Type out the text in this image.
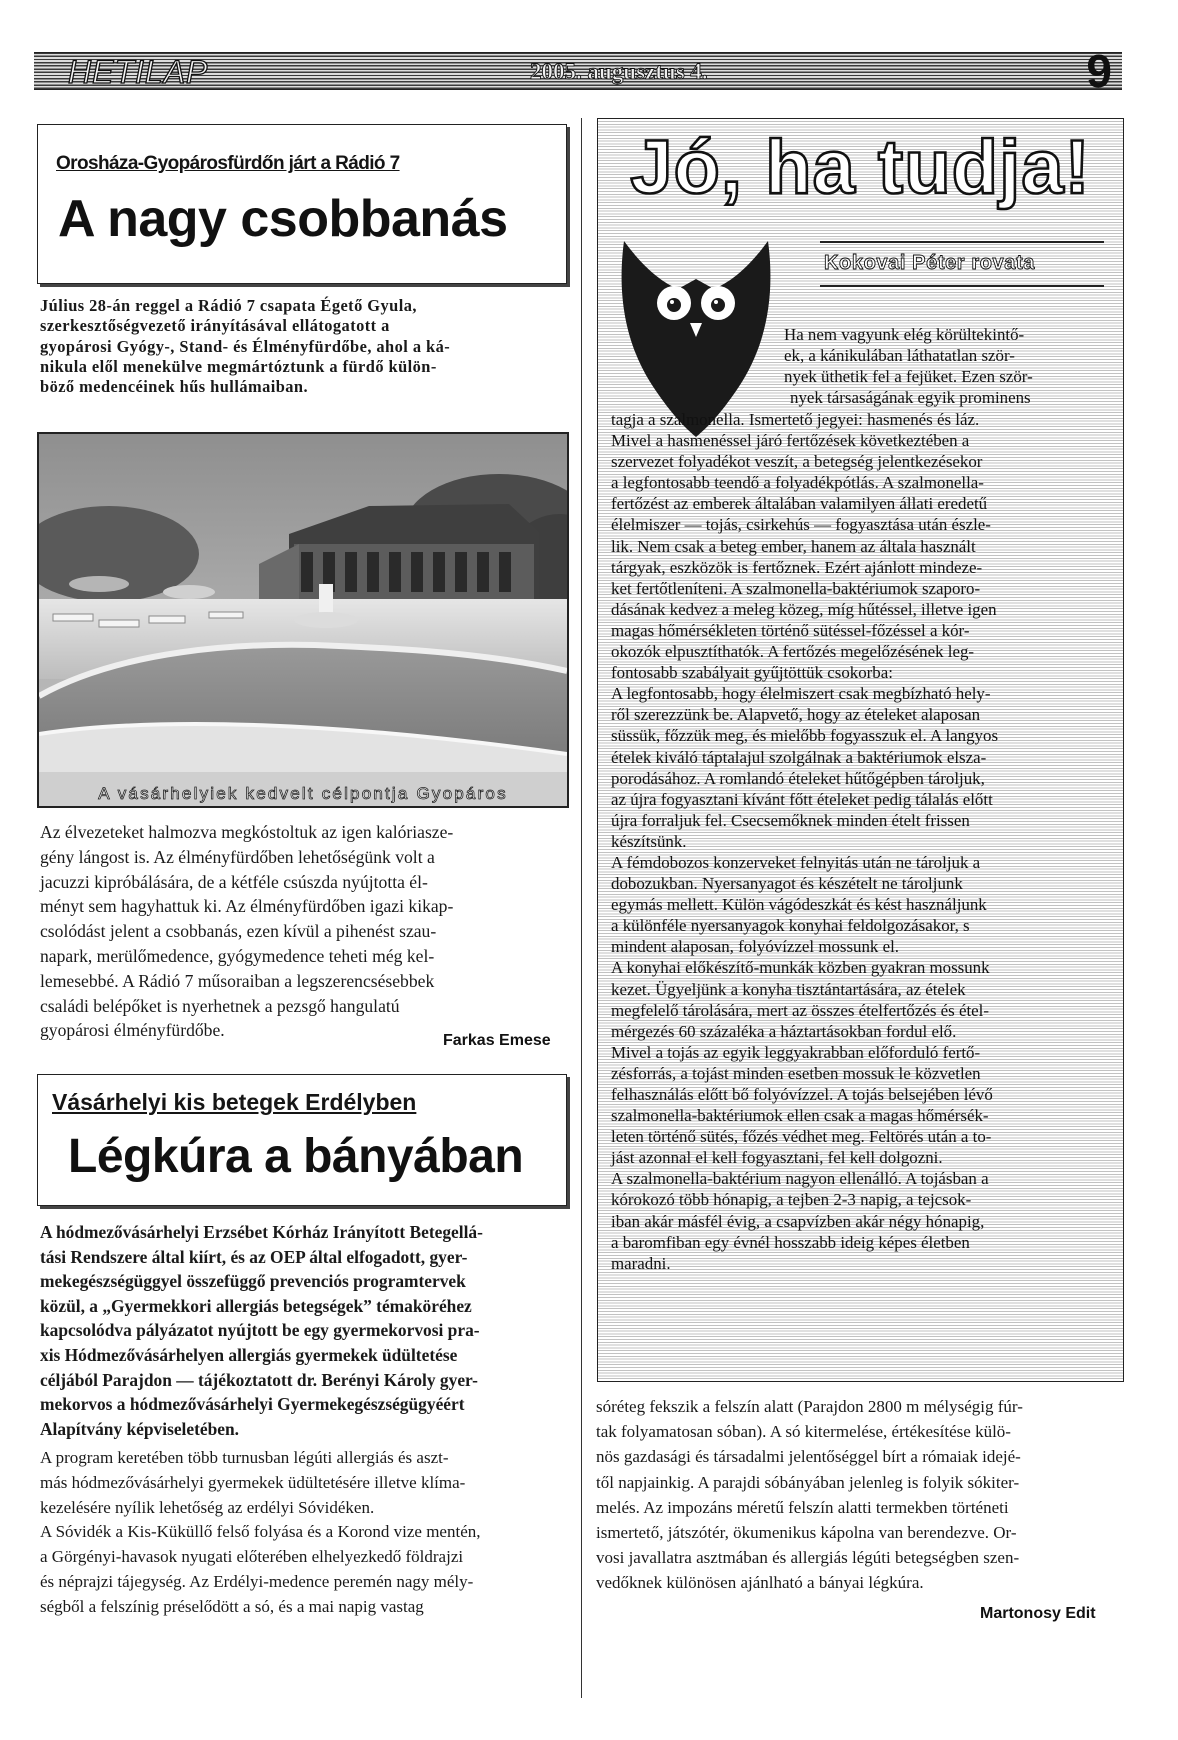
HETILAP	2005. augusztus 4.	9
Orosháza-Gyopárosfürdőn járt a Rádió 7
A nagy csobbanás
Július 28-án reggel a Rádió 7 csapata Égető Gyula,
szerkesztőségvezető irányításával ellátogatott a
gyopárosi Gyógy-, Stand- és Élményfürdőbe, ahol a ká-
nikula elől menekülve megmártóztunk a fürdő külön-
böző medencéinek hűs hullámaiban.
A vásárhelyiek kedvelt célpontja Gyopáros
Az élvezeteket halmozva megkóstoltuk az igen kalóriasze-
gény lángost is. Az élményfürdőben lehetőségünk volt a
jacuzzi kipróbálására, de a kétféle csúszda nyújtotta él-
ményt sem hagyhattuk ki. Az élményfürdőben igazi kikap-
csolódást jelent a csobbanás, ezen kívül a pihenést szau-
napark, merülőmedence, gyógymedence teheti még kel-
lemesebbé. A Rádió 7 műsoraiban a legszerencsésebbek
családi belépőket is nyerhetnek a pezsgő hangulatú
gyopárosi élményfürdőbe.
Farkas Emese
Vásárhelyi kis betegek Erdélyben
Légkúra a bányában
A hódmezővásárhelyi Erzsébet Kórház Irányított Betegellá-
tási Rendszere által kiírt, és az OEP által elfogadott, gyer-
mekegészségüggyel összefüggő prevenciós programtervek
közül, a „Gyermekkori allergiás betegségek” témaköréhez
kapcsolódva pályázatot nyújtott be egy gyermekorvosi pra-
xis Hódmezővásárhelyen allergiás gyermekek üdültetése
céljából Parajdon — tájékoztatott dr. Berényi Károly gyer-
mekorvos a hódmezővásárhelyi Gyermekegészségügyéért
Alapítvány képviseletében.
A program keretében több turnusban légúti allergiás és aszt-
más hódmezővásárhelyi gyermekek üdültetésére illetve klíma-
kezelésére nyílik lehetőség az erdélyi Sóvidéken.
A Sóvidék a Kis-Küküllő felső folyása és a Korond vize mentén,
a Görgényi-havasok nyugati előterében elhelyezkedő földrajzi
és néprajzi tájegység. Az Erdélyi-medence peremén nagy mély-
ségből a felszínig préselődött a só, és a mai napig vastag
sóréteg fekszik a felszín alatt (Parajdon 2800 m mélységig fúr-
tak folyamatosan sóban). A só kitermelése, értékesítése külö-
nös gazdasági és társadalmi jelentőséggel bírt a rómaiak idejé-
től napjainkig. A parajdi sóbányában jelenleg is folyik sókiter-
melés. Az impozáns méretű felszín alatti termekben történeti
ismertető, játszótér, ökumenikus kápolna van berendezve. Or-
vosi javallatra asztmában és allergiás légúti betegségben szen-
vedőknek különösen ajánlható a bányai légkúra.
Martonosy Edit
Jó, ha tudja!
Kokovai Péter rovata
Ha nem vagyunk elég körültekintő-
ek, a kánikulában láthatatlan ször-
nyek üthetik fel a fejüket. Ezen ször-
nyek társaságának egyik prominens
tagja a szalmonella. Ismertető jegyei: hasmenés és láz.
Mivel a hasmenéssel járó fertőzések következtében a
szervezet folyadékot veszít, a betegség jelentkezésekor
a legfontosabb teendő a folyadékpótlás. A szalmonella-
fertőzést az emberek általában valamilyen állati eredetű
élelmiszer — tojás, csirkehús — fogyasztása után észle-
lik. Nem csak a beteg ember, hanem az általa használt
tárgyak, eszközök is fertőznek. Ezért ajánlott mindeze-
ket fertőtleníteni. A szalmonella-baktériumok szaporo-
dásának kedvez a meleg közeg, míg hűtéssel, illetve igen
magas hőmérsékleten történő sütéssel-főzéssel a kór-
okozók elpusztíthatók. A fertőzés megelőzésének leg-
fontosabb szabályait gyűjtöttük csokorba:
A legfontosabb, hogy élelmiszert csak megbízható hely-
ről szerezzünk be. Alapvető, hogy az ételeket alaposan
süssük, főzzük meg, és mielőbb fogyasszuk el. A langyos
ételek kiváló táptalajul szolgálnak a baktériumok elsza-
porodásához. A romlandó ételeket hűtőgépben tároljuk,
az újra fogyasztani kívánt főtt ételeket pedig tálalás előtt
újra forraljuk fel. Csecsemőknek minden ételt frissen
készítsünk.
A fémdobozos konzerveket felnyitás után ne tároljuk a
dobozukban. Nyersanyagot és készételt ne tároljunk
egymás mellett. Külön vágódeszkát és kést használjunk
a különféle nyersanyagok konyhai feldolgozásakor, s
mindent alaposan, folyóvízzel mossunk el.
A konyhai előkészítő-munkák közben gyakran mossunk
kezet. Ügyeljünk a konyha tisztántartására, az ételek
megfelelő tárolására, mert az összes ételfertőzés és étel-
mérgezés 60 százaléka a háztartásokban fordul elő.
Mivel a tojás az egyik leggyakrabban előforduló fertő-
zésforrás, a tojást minden esetben mossuk le közvetlen
felhasználás előtt bő folyóvízzel. A tojás belsejében lévő
szalmonella-baktériumok ellen csak a magas hőmérsék-
leten történő sütés, főzés védhet meg. Feltörés után a to-
jást azonnal el kell fogyasztani, fel kell dolgozni.
A szalmonella-baktérium nagyon ellenálló. A tojásban a
kórokozó több hónapig, a tejben 2-3 napig, a tejcsok-
iban akár másfél évig, a csapvízben akár négy hónapig,
a baromfiban egy évnél hosszabb ideig képes életben
maradni.
